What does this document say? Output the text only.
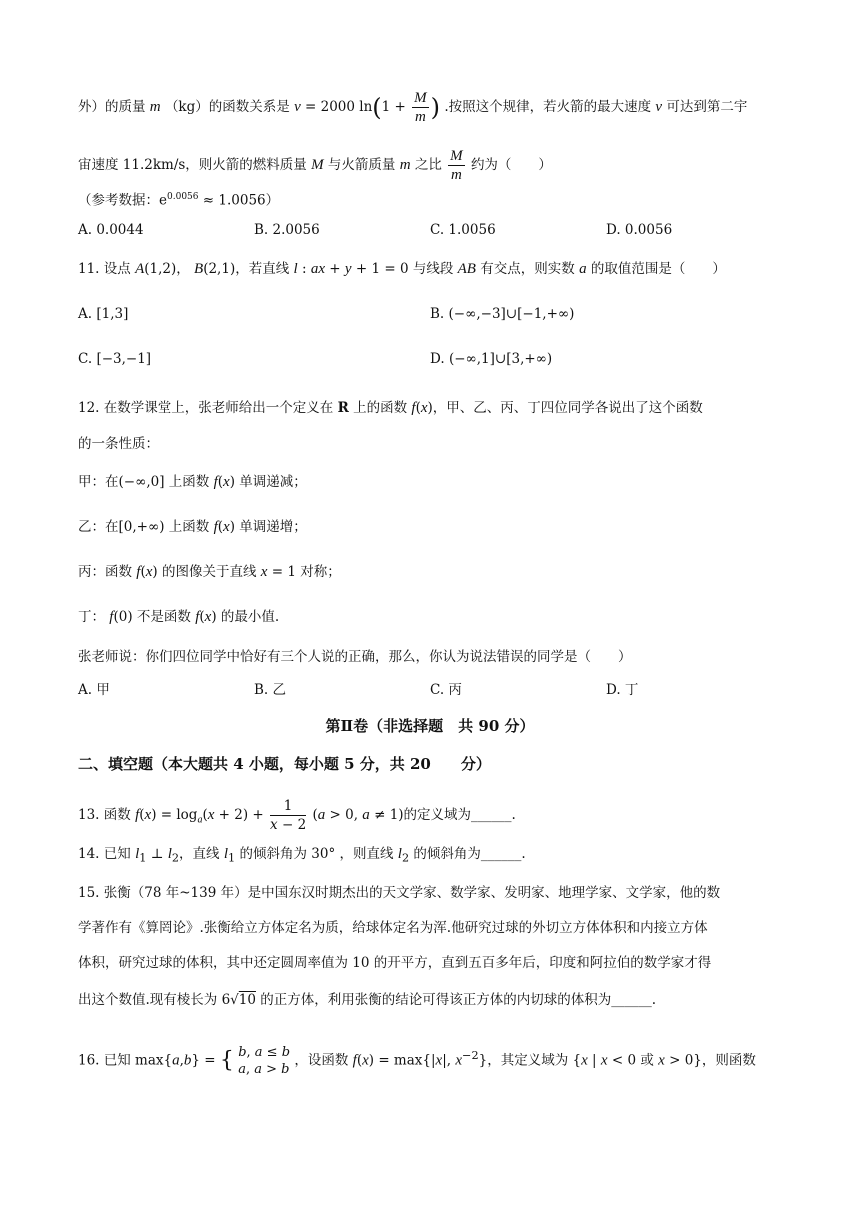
外）的质量 m （kg）的函数关系是 v = 2000 $\ln(1 + \frac{M}{m}$ ) .按照这个规律，若火箭的最大速度 v 可达到第二宇
宙速度 11.2km/s，则火箭的燃料质量 M 与火箭质量 m 之比 $\frac{M}{m}$ 约为（　　）
（参考数据：$e^{0.0056} \approx 1.0056$）
A. 0.0044	B. 2.0056	C. 1.0056	D. 0.0056
11. 设点 A(1,2)， B(2,1)，若直线 l : ax + y + 1 = 0 与线段 AB 有交点，则实数 a 的取值范围是（　　）
A. [1,3]	B. (−∞,−3]∪[−1,+∞)
C. [−3,−1]	D. (−∞,1]∪[3,+∞)
12. 在数学课堂上，张老师给出一个定义在 R 上的函数 f(x)，甲、乙、丙、丁四位同学各说出了这个函数
的一条性质：
甲：在(−∞,0] 上函数 f(x) 单调递减；
乙：在[0,+∞) 上函数 f(x) 单调递增；
丙：函数 f(x) 的图像关于直线 x = 1 对称；
丁： f(0) 不是函数 f(x) 的最小值.
张老师说：你们四位同学中恰好有三个人说的正确，那么，你认为说法错误的同学是（　　）
A. 甲	B. 乙	C. 丙	D. 丁
第Ⅱ卷（非选择题　共 90 分）
二、填空题（本大题共 4 小题，每小题 5 分，共 20　　分）
13. 函数 $f(x) = \log_a(x + 2) + \frac{1}{x - 2} (a > 0$, a ≠ 1)的定义域为______.
14. 已知 $l_1$ ⊥ $l_2$，直线 $l_1$ 的倾斜角为 30° ，则直线 $l_2$ 的倾斜角为______.
15. 张衡（78 年~139 年）是中国东汉时期杰出的天文学家、数学家、发明家、地理学家、文学家，他的数
学著作有《算罔论》.张衡给立方体定名为质，给球体定名为浑.他研究过球的外切立方体体积和内接立方体
体积，研究过球的体积，其中还定圆周率值为 10 的开平方，直到五百多年后，印度和阿拉伯的数学家才得
出这个数值.现有棱长为 6√10 的正方体，利用张衡的结论可得该正方体的内切球的体积为______.
16. 已知 max{a,b} = { b, a ≤ b
a, a > b
，设函数 f(x) = max{|x|, $x^{-2}$}，其定义域为 {x | x < 0 或 x > 0}，则函数
